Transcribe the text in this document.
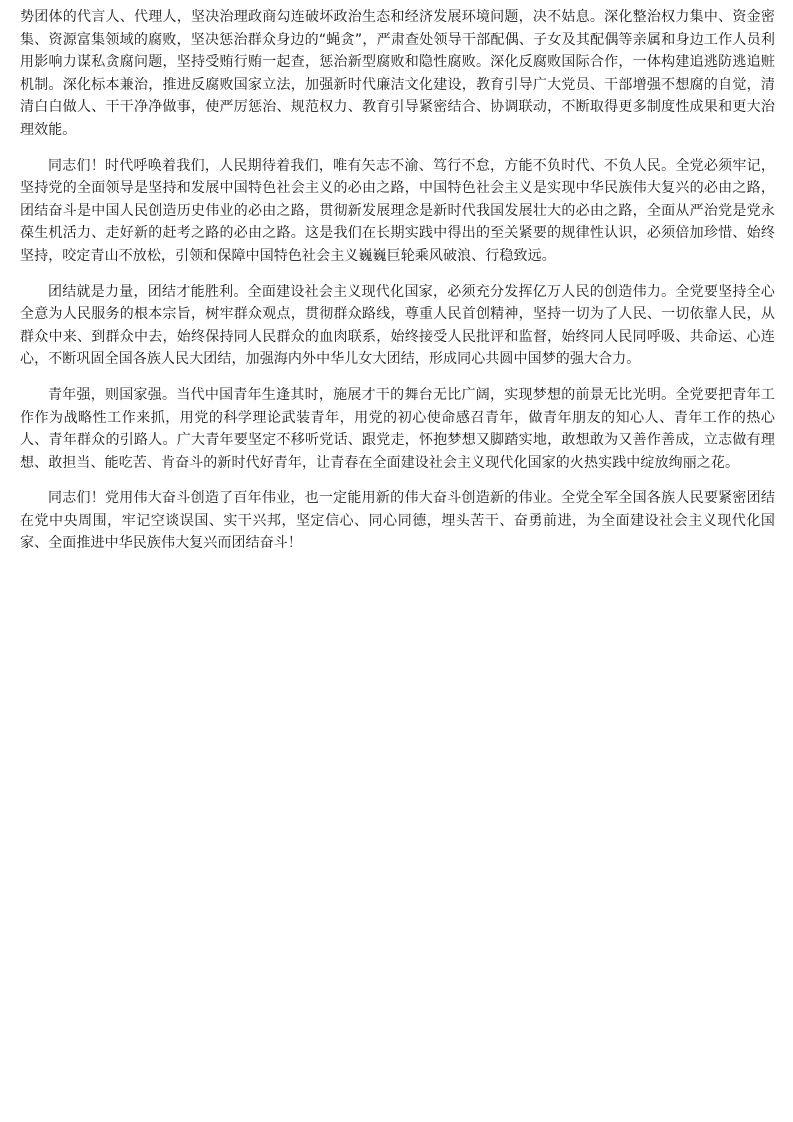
势团体的代言人、代理人，坚决治理政商勾连破坏政治生态和经济发展环境问题，决不姑息。深化整治权力集中、资金密集、资源富集领域的腐败，坚决惩治群众身边的“蝇贪”，严肃查处领导干部配偶、子女及其配偶等亲属和身边工作人员利用影响力谋私贪腐问题，坚持受贿行贿一起查，惩治新型腐败和隐性腐败。深化反腐败国际合作，一体构建追逃防逃追赃机制。深化标本兼治，推进反腐败国家立法，加强新时代廉洁文化建设，教育引导广大党员、干部增强不想腐的自觉，清清白白做人、干干净净做事，使严厉惩治、规范权力、教育引导紧密结合、协调联动，不断取得更多制度性成果和更大治理效能。

同志们！时代呼唤着我们，人民期待着我们，唯有矢志不渝、笃行不怠，方能不负时代、不负人民。全党必须牢记，坚持党的全面领导是坚持和发展中国特色社会主义的必由之路，中国特色社会主义是实现中华民族伟大复兴的必由之路，团结奋斗是中国人民创造历史伟业的必由之路，贯彻新发展理念是新时代我国发展壮大的必由之路，全面从严治党是党永葆生机活力、走好新的赶考之路的必由之路。这是我们在长期实践中得出的至关紧要的规律性认识，必须倍加珍惜、始终坚持，咬定青山不放松，引领和保障中国特色社会主义巍巍巨轮乘风破浪、行稳致远。

团结就是力量，团结才能胜利。全面建设社会主义现代化国家，必须充分发挥亿万人民的创造伟力。全党要坚持全心全意为人民服务的根本宗旨，树牢群众观点，贯彻群众路线，尊重人民首创精神，坚持一切为了人民、一切依靠人民，从群众中来、到群众中去，始终保持同人民群众的血肉联系，始终接受人民批评和监督，始终同人民同呼吸、共命运、心连心，不断巩固全国各族人民大团结，加强海内外中华儿女大团结，形成同心共圆中国梦的强大合力。

青年强，则国家强。当代中国青年生逢其时，施展才干的舞台无比广阔，实现梦想的前景无比光明。全党要把青年工作作为战略性工作来抓，用党的科学理论武装青年，用党的初心使命感召青年，做青年朋友的知心人、青年工作的热心人、青年群众的引路人。广大青年要坚定不移听党话、跟党走，怀抱梦想又脚踏实地，敢想敢为又善作善成，立志做有理想、敢担当、能吃苦、肯奋斗的新时代好青年，让青春在全面建设社会主义现代化国家的火热实践中绽放绚丽之花。

同志们！党用伟大奋斗创造了百年伟业，也一定能用新的伟大奋斗创造新的伟业。全党全军全国各族人民要紧密团结在党中央周围，牢记空谈误国、实干兴邦，坚定信心、同心同德，埋头苦干、奋勇前进，为全面建设社会主义现代化国家、全面推进中华民族伟大复兴而团结奋斗！
